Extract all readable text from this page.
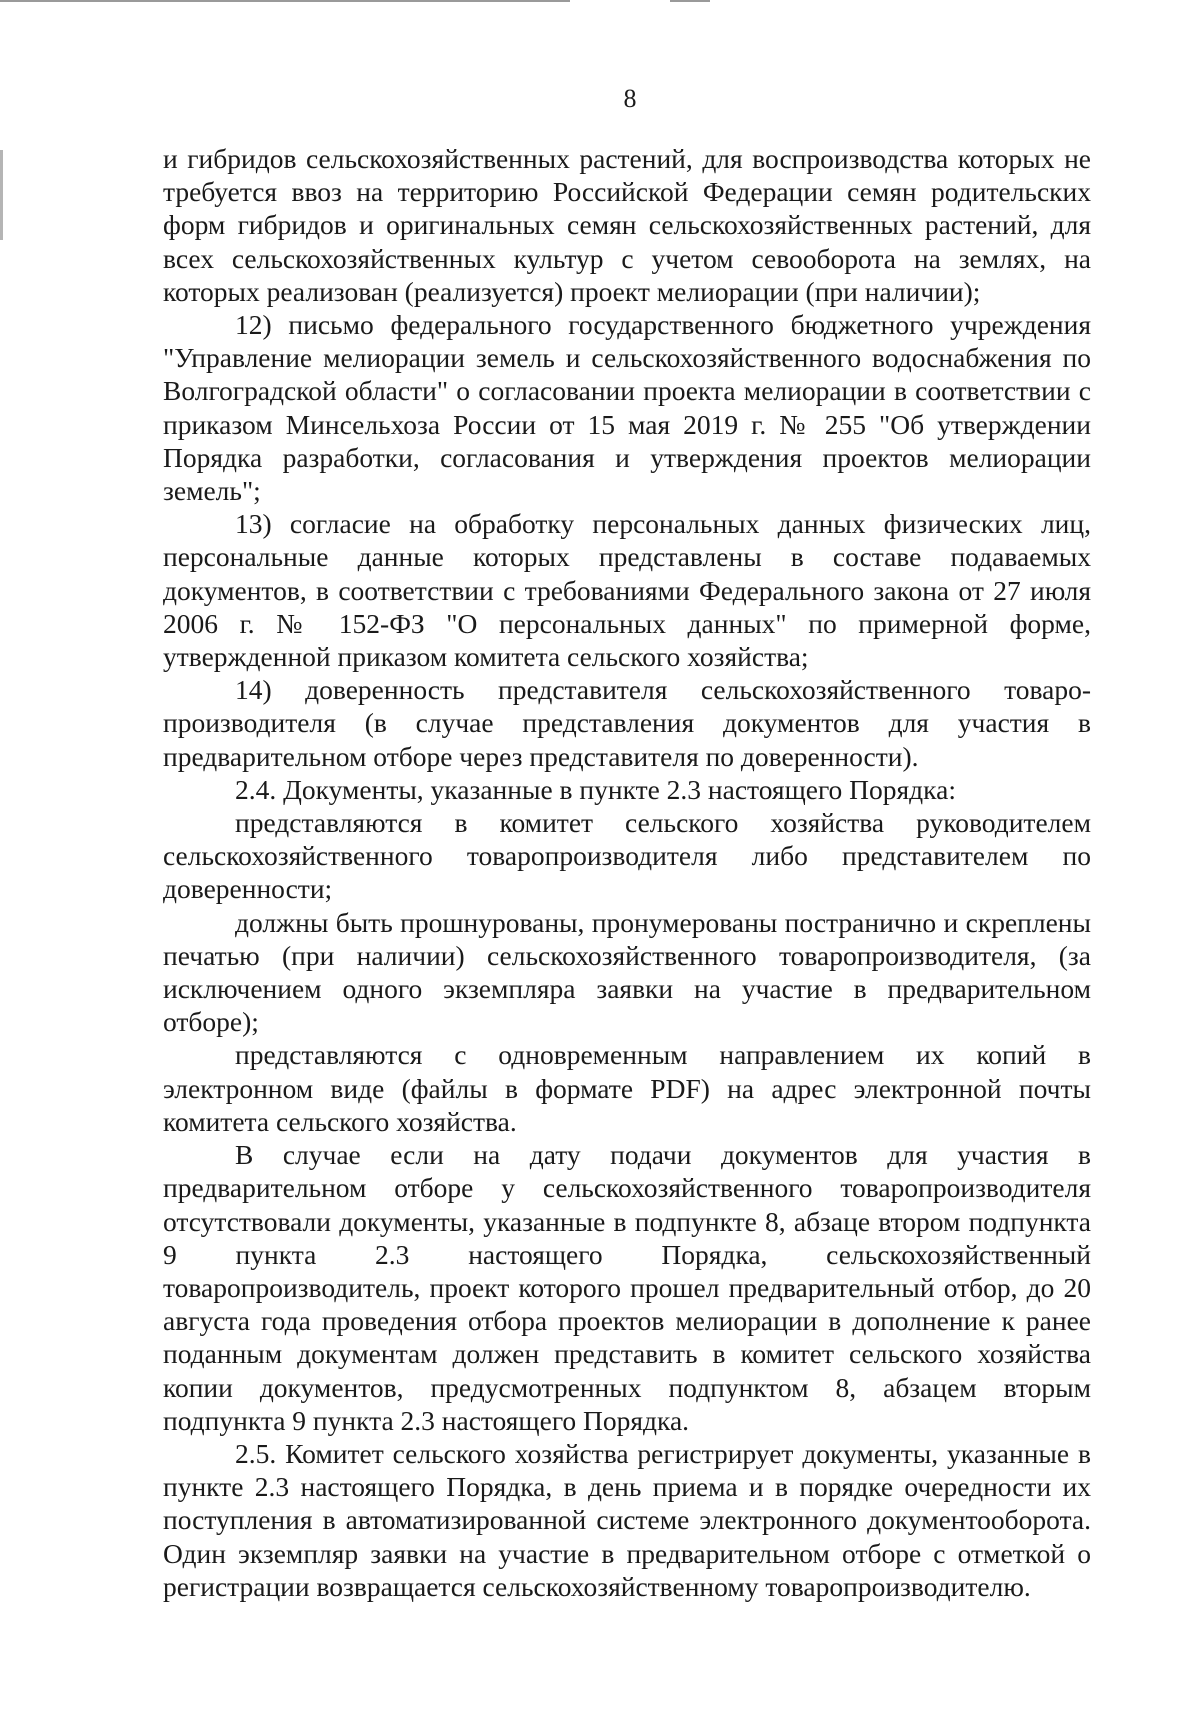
8

и гибридов сельскохозяйственных растений, для воспроизводства которых не требуется ввоз на территорию Российской Федерации семян родительских форм гибридов и оригинальных семян сельскохозяйственных растений, для всех сельскохозяйственных культур с учетом севооборота на землях, на которых реализован (реализуется) проект мелиорации (при наличии);

12) письмо федерального государственного бюджетного учреждения "Управление мелиорации земель и сельскохозяйственного водоснабжения по Волгоградской области" о согласовании проекта мелиорации в соответствии с приказом Минсельхоза России от 15 мая 2019 г. № 255 "Об утверждении Порядка разработки, согласования и утверждения проектов мелиорации земель";

13) согласие на обработку персональных данных физических лиц, персональные данные которых представлены в составе подаваемых документов, в соответствии с требованиями Федерального закона от 27 июля 2006 г. № 152-ФЗ "О персональных данных" по примерной форме, утвержденной приказом комитета сельского хозяйства;

14) доверенность представителя сельскохозяйственного товаропроизводителя (в случае представления документов для участия в предварительном отборе через представителя по доверенности).

2.4. Документы, указанные в пункте 2.3 настоящего Порядка:

представляются в комитет сельского хозяйства руководителем сельскохозяйственного товаропроизводителя либо представителем по доверенности;

должны быть прошнурованы, пронумерованы постранично и скреплены печатью (при наличии) сельскохозяйственного товаропроизводителя, (за исключением одного экземпляра заявки на участие в предварительном отборе);

представляются с одновременным направлением их копий в электронном виде (файлы в формате PDF) на адрес электронной почты комитета сельского хозяйства.

В случае если на дату подачи документов для участия в предварительном отборе у сельскохозяйственного товаропроизводителя отсутствовали документы, указанные в подпункте 8, абзаце втором подпункта 9 пункта 2.3 настоящего Порядка, сельскохозяйственный товаропроизводитель, проект которого прошел предварительный отбор, до 20 августа года проведения отбора проектов мелиорации в дополнение к ранее поданным документам должен представить в комитет сельского хозяйства копии документов, предусмотренных подпунктом 8, абзацем вторым подпункта 9 пункта 2.3 настоящего Порядка.

2.5. Комитет сельского хозяйства регистрирует документы, указанные в пункте 2.3 настоящего Порядка, в день приема и в порядке очередности их поступления в автоматизированной системе электронного документооборота. Один экземпляр заявки на участие в предварительном отборе с отметкой о регистрации возвращается сельскохозяйственному товаропроизводителю.
